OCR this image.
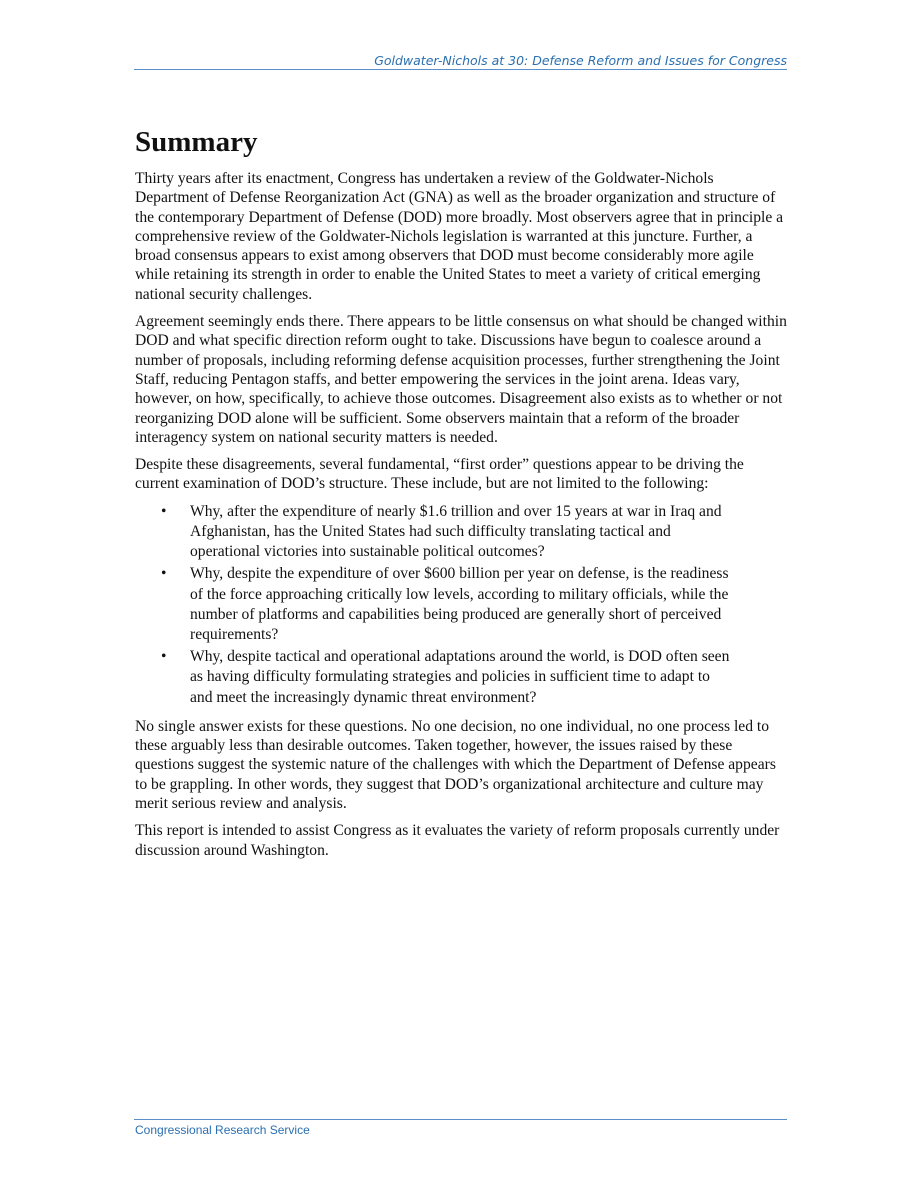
Goldwater-Nichols at 30: Defense Reform and Issues for Congress
Summary

Thirty years after its enactment, Congress has undertaken a review of the Goldwater-Nichols Department of Defense Reorganization Act (GNA) as well as the broader organization and structure of the contemporary Department of Defense (DOD) more broadly. Most observers agree that in principle a comprehensive review of the Goldwater-Nichols legislation is warranted at this juncture. Further, a broad consensus appears to exist among observers that DOD must become considerably more agile while retaining its strength in order to enable the United States to meet a variety of critical emerging national security challenges.

Agreement seemingly ends there. There appears to be little consensus on what should be changed within DOD and what specific direction reform ought to take. Discussions have begun to coalesce around a number of proposals, including reforming defense acquisition processes, further strengthening the Joint Staff, reducing Pentagon staffs, and better empowering the services in the joint arena. Ideas vary, however, on how, specifically, to achieve those outcomes. Disagreement also exists as to whether or not reorganizing DOD alone will be sufficient. Some observers maintain that a reform of the broader interagency system on national security matters is needed.

Despite these disagreements, several fundamental, “first order” questions appear to be driving the current examination of DOD’s structure. These include, but are not limited to the following:

• Why, after the expenditure of nearly $1.6 trillion and over 15 years at war in Iraq and Afghanistan, has the United States had such difficulty translating tactical and operational victories into sustainable political outcomes?
• Why, despite the expenditure of over $600 billion per year on defense, is the readiness of the force approaching critically low levels, according to military officials, while the number of platforms and capabilities being produced are generally short of perceived requirements?
• Why, despite tactical and operational adaptations around the world, is DOD often seen as having difficulty formulating strategies and policies in sufficient time to adapt to and meet the increasingly dynamic threat environment?

No single answer exists for these questions. No one decision, no one individual, no one process led to these arguably less than desirable outcomes. Taken together, however, the issues raised by these questions suggest the systemic nature of the challenges with which the Department of Defense appears to be grappling. In other words, they suggest that DOD’s organizational architecture and culture may merit serious review and analysis.

This report is intended to assist Congress as it evaluates the variety of reform proposals currently under discussion around Washington.

Congressional Research Service
